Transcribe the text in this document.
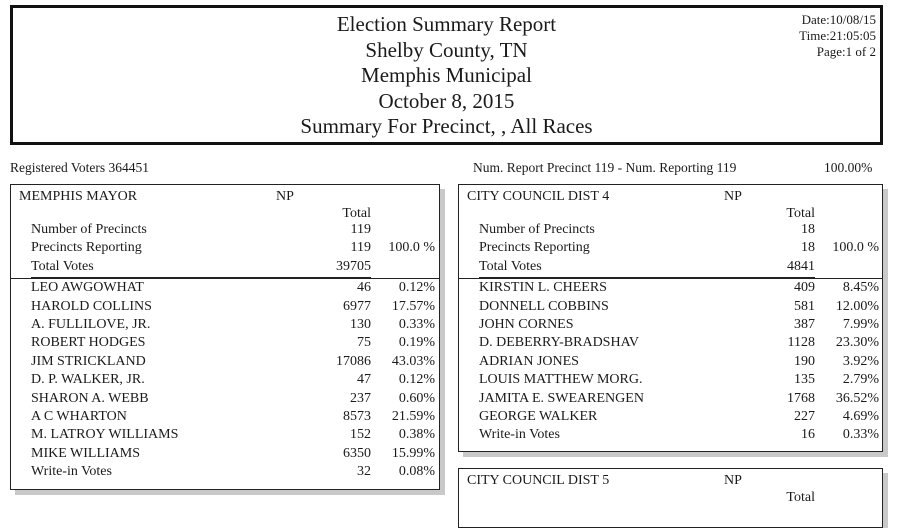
Election Summary Report
Shelby County, TN
Memphis Municipal
October 8, 2015
Summary For Precinct, , All Races
Date:10/08/15
Time:21:05:05
Page:1 of 2
Registered Voters 364451	Num. Report Precinct 119 - Num. Reporting 119	100.00%
MEMPHIS MAYOR	NP
Total
Number of Precincts	119
Precincts Reporting	119	100.0 %
Total Votes	39705
LEO AWGOWHAT	46	0.12%
HAROLD COLLINS	6977	17.57%
A. FULLILOVE, JR.	130	0.33%
ROBERT HODGES	75	0.19%
JIM STRICKLAND	17086	43.03%
D. P. WALKER, JR.	47	0.12%
SHARON A. WEBB	237	0.60%
A C WHARTON	8573	21.59%
M. LATROY WILLIAMS	152	0.38%
MIKE WILLIAMS	6350	15.99%
Write-in Votes	32	0.08%
CITY COUNCIL DIST 4	NP
Total
Number of Precincts	18
Precincts Reporting	18	100.0 %
Total Votes	4841
KIRSTIN L. CHEERS	409	8.45%
DONNELL COBBINS	581	12.00%
JOHN CORNES	387	7.99%
D. DEBERRY-BRADSHAV	1128	23.30%
ADRIAN JONES	190	3.92%
LOUIS MATTHEW MORG.	135	2.79%
JAMITA E. SWEARENGEN	1768	36.52%
GEORGE WALKER	227	4.69%
Write-in Votes	16	0.33%
CITY COUNCIL DIST 5	NP
Total
